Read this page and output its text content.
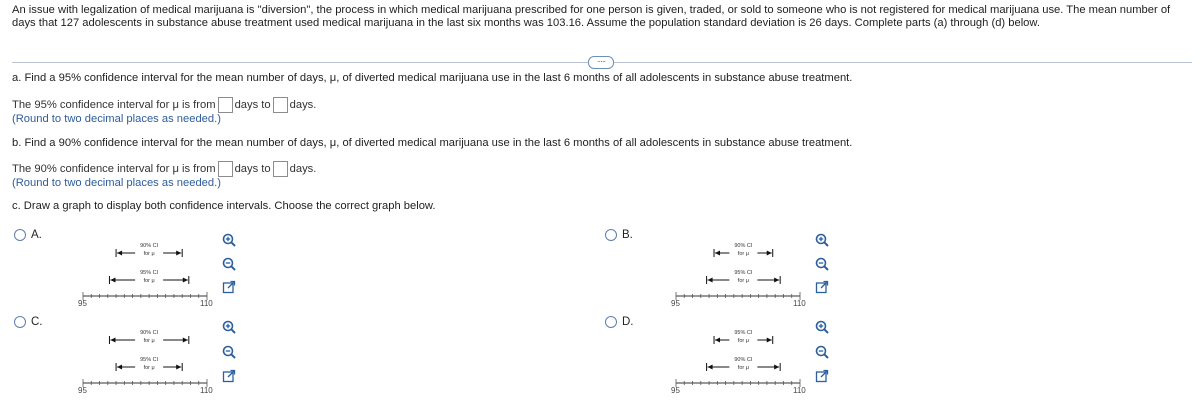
An issue with legalization of medical marijuana is "diversion", the process in which medical marijuana prescribed for one person is given, traded, or sold to someone who is not registered for medical marijuana use. The mean number of days that 127 adolescents in substance abuse treatment used medical marijuana in the last six months was 103.16. Assume the population standard deviation is 26 days. Complete parts (a) through (d) below.
·····
a. Find a 95% confidence interval for the mean number of days, μ, of diverted medical marijuana use in the last 6 months of all adolescents in substance abuse treatment.
The 95% confidence interval for μ is from days to days.
(Round to two decimal places as needed.)
b. Find a 90% confidence interval for the mean number of days, μ, of diverted medical marijuana use in the last 6 months of all adolescents in substance abuse treatment.
The 90% confidence interval for μ is from days to days.
(Round to two decimal places as needed.)
c. Draw a graph to display both confidence intervals. Choose the correct graph below.
A.	B.
C.	D.
95	110
90% CI
for μ
95% CI
for μ
95	110
90% CI
for μ
95% CI
for μ
95	110
90% CI
for μ
95% CI
for μ
95	110
95% CI
for μ
90% CI
for μ
